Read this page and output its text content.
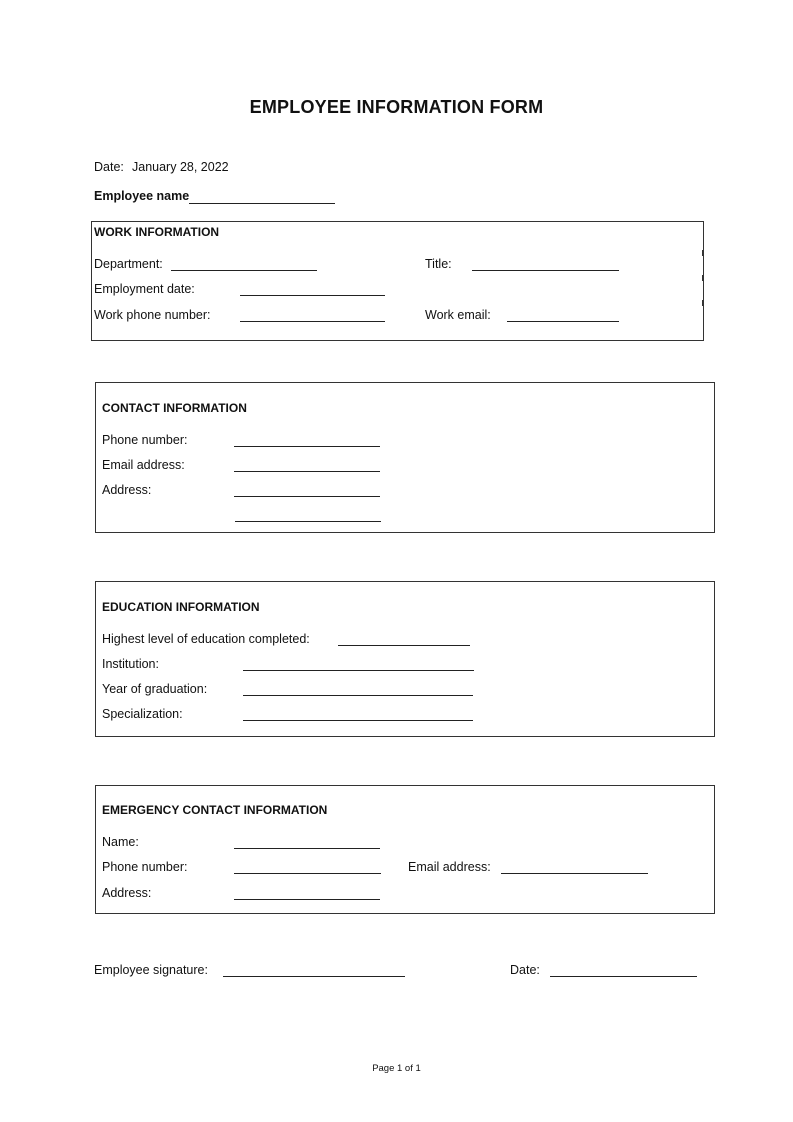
EMPLOYEE INFORMATION FORM
Date: January 28, 2022
Employee name
WORK INFORMATION
Department:	Title:
Employment date:
Work phone number:	Work email:
CONTACT INFORMATION
Phone number:
Email address:
Address:
EDUCATION INFORMATION
Highest level of education completed:
Institution:
Year of graduation:
Specialization:
EMERGENCY CONTACT INFORMATION
Name:
Phone number:	Email address:
Address:
Employee signature:	Date:
Page 1 of 1
